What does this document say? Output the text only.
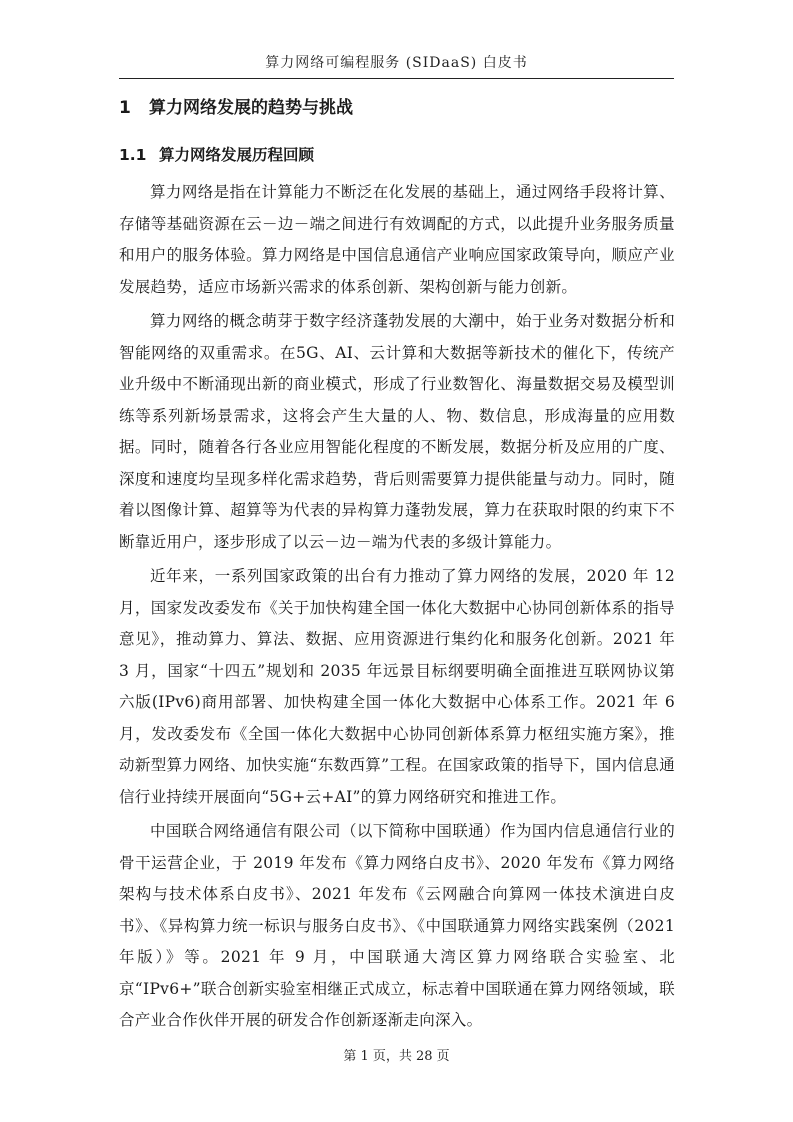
算力网络可编程服务 (SIDaaS) 白皮书
1 算力网络发展的趋势与挑战
1.1 算力网络发展历程回顾

算力网络是指在计算能力不断泛在化发展的基础上，通过网络手段将计算、存储等基础资源在云－边－端之间进行有效调配的方式，以此提升业务服务质量和用户的服务体验。算力网络是中国信息通信产业响应国家政策导向，顺应产业发展趋势，适应市场新兴需求的体系创新、架构创新与能力创新。

算力网络的概念萌芽于数字经济蓬勃发展的大潮中，始于业务对数据分析和智能网络的双重需求。在5G、AI、云计算和大数据等新技术的催化下，传统产业升级中不断涌现出新的商业模式，形成了行业数智化、海量数据交易及模型训练等系列新场景需求，这将会产生大量的人、物、数信息，形成海量的应用数据。同时，随着各行各业应用智能化程度的不断发展，数据分析及应用的广度、深度和速度均呈现多样化需求趋势，背后则需要算力提供能量与动力。同时，随着以图像计算、超算等为代表的异构算力蓬勃发展，算力在获取时限的约束下不断靠近用户，逐步形成了以云－边－端为代表的多级计算能力。

近年来，一系列国家政策的出台有力推动了算力网络的发展，2020 年 12 月，国家发改委发布《关于加快构建全国一体化大数据中心协同创新体系的指导意见》，推动算力、算法、数据、应用资源进行集约化和服务化创新。2021 年 3 月，国家“十四五”规划和 2035 年远景目标纲要明确全面推进互联网协议第六版(IPv6)商用部署、加快构建全国一体化大数据中心体系工作。2021 年 6 月，发改委发布《全国一体化大数据中心协同创新体系算力枢纽实施方案》，推动新型算力网络、加快实施“东数西算”工程。在国家政策的指导下，国内信息通信行业持续开展面向“5G+云+AI”的算力网络研究和推进工作。

中国联合网络通信有限公司（以下简称中国联通）作为国内信息通信行业的骨干运营企业，于 2019 年发布《算力网络白皮书》、2020 年发布《算力网络架构与技术体系白皮书》、2021 年发布《云网融合向算网一体技术演进白皮书》、《异构算力统一标识与服务白皮书》、《中国联通算力网络实践案例（2021 年版）》等。2021 年 9 月，中国联通大湾区算力网络联合实验室、北京“IPv6+”联合创新实验室相继正式成立，标志着中国联通在算力网络领域，联合产业合作伙伴开展的研发合作创新逐渐走向深入。

第 1 页，共 28 页
